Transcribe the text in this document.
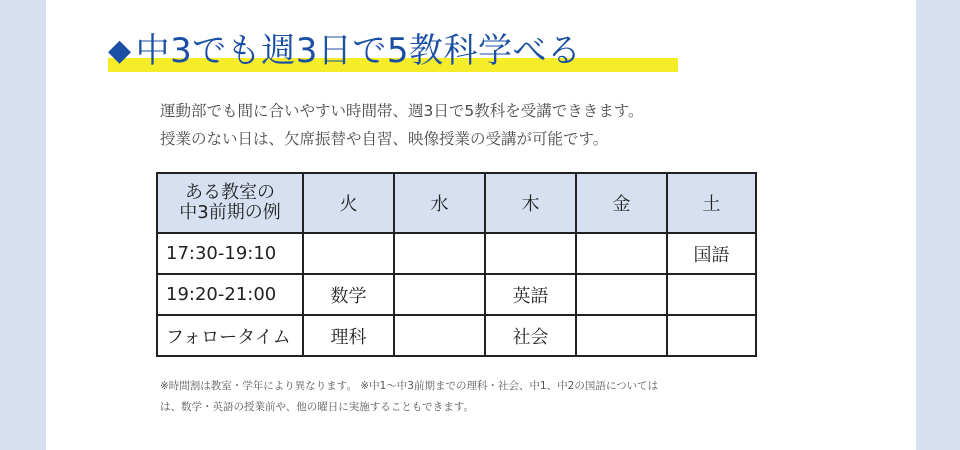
◆ 中3でも週3日で5教科学べる
運動部でも間に合いやすい時間帯、週3日で5教科を受講でききます。
授業のない日は、欠席振替や自習、映像授業の受講が可能です。
ある教室の
中3前期の例	火	水	木	金	土
17:30-19:10					国語
19:20-21:00	数学		英語		
フォロータイム	理科		社会		
※時間割は教室・学年により異なります。 ※中1〜中3前期までの理科・社会、中1、中2の国語については
は、数学・英語の授業前や、他の曜日に実施することもできます。
